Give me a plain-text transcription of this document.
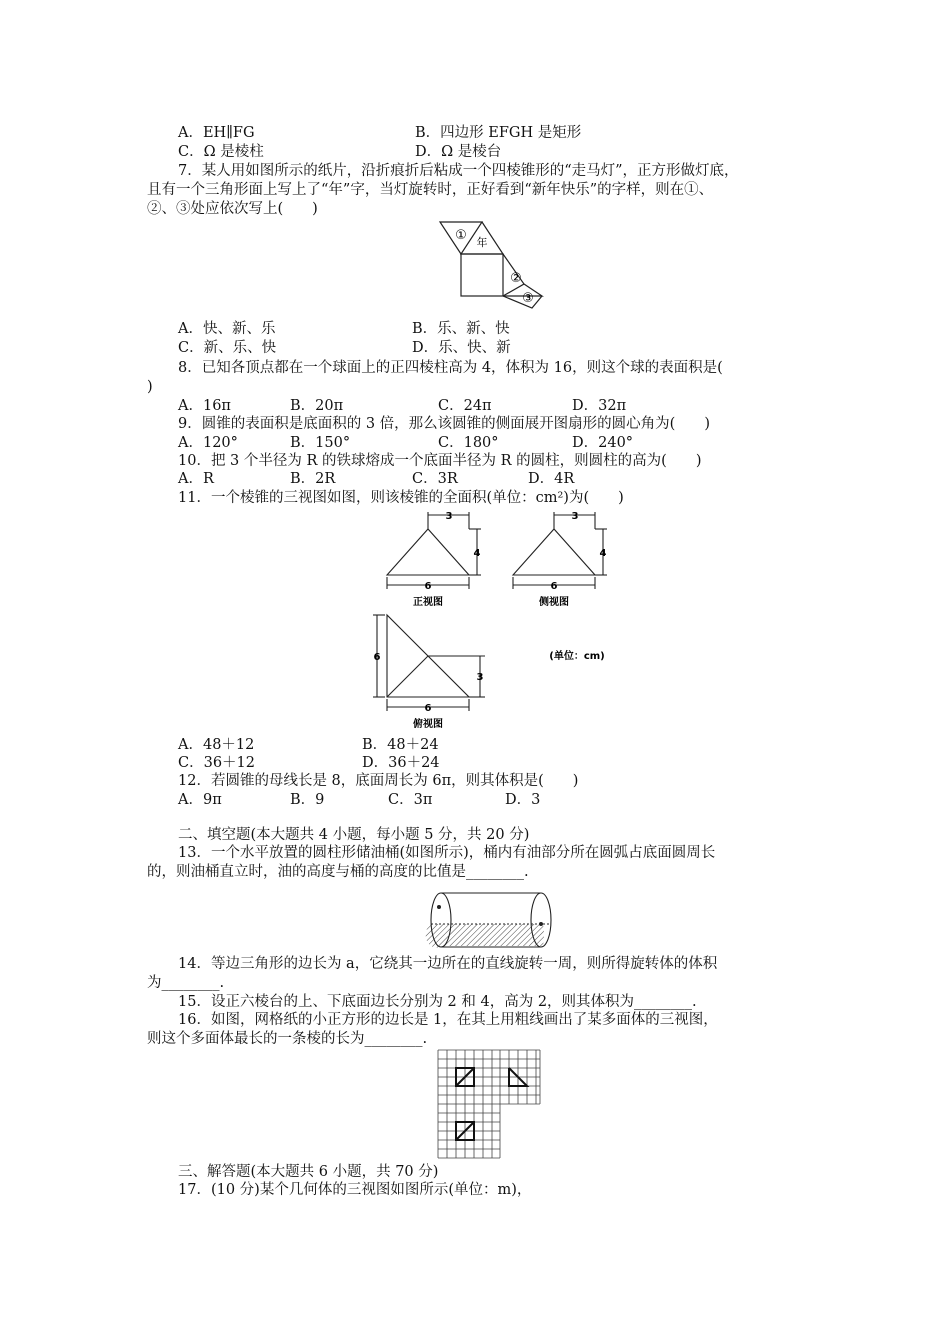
A．EH∥FG	B．四边形 EFGH 是矩形
C．Ω 是棱柱	D．Ω 是棱台
7．某人用如图所示的纸片，沿折痕折后粘成一个四棱锥形的“走马灯”，正方形做灯底，
且有一个三角形面上写上了“年”字，当灯旋转时，正好看到“新年快乐”的字样，则在①、
②、③处应依次写上(　　)
① 年
②
③
A．快、新、乐	B．乐、新、快
C．新、乐、快	D．乐、快、新
8．已知各顶点都在一个球面上的正四棱柱高为 4，体积为 16，则这个球的表面积是(
)
A．16π	B．20π	C．24π	D．32π
9．圆锥的表面积是底面积的 3 倍，那么该圆锥的侧面展开图扇形的圆心角为(　　)
A．120°	B．150°	C．180°	D．240°
10．把 3 个半径为 R 的铁球熔成一个底面半径为 R 的圆柱，则圆柱的高为(　　)
A．R	B．2R	C．3R	D．4R
11．一个棱锥的三视图如图，则该棱锥的全面积(单位：cm²)为(　　)
3
4
6
正视图
3
4
6
侧视图
6
3
6
俯视图
(单位：cm)
A．48＋12	B．48＋24
C．36＋12	D．36＋24
12．若圆锥的母线长是 8，底面周长为 6π，则其体积是(　　)
A．9π	B．9	C．3π	D．3
二、填空题(本大题共 4 小题，每小题 5 分，共 20 分)
13．一个水平放置的圆柱形储油桶(如图所示)，桶内有油部分所在圆弧占底面圆周长
的，则油桶直立时，油的高度与桶的高度的比值是________.
14．等边三角形的边长为 a，它绕其一边所在的直线旋转一周，则所得旋转体的体积
为________.
15．设正六棱台的上、下底面边长分别为 2 和 4，高为 2，则其体积为________.
16．如图，网格纸的小正方形的边长是 1，在其上用粗线画出了某多面体的三视图，
则这个多面体最长的一条棱的长为________.
三、解答题(本大题共 6 小题，共 70 分)
17．(10 分)某个几何体的三视图如图所示(单位：m)，
